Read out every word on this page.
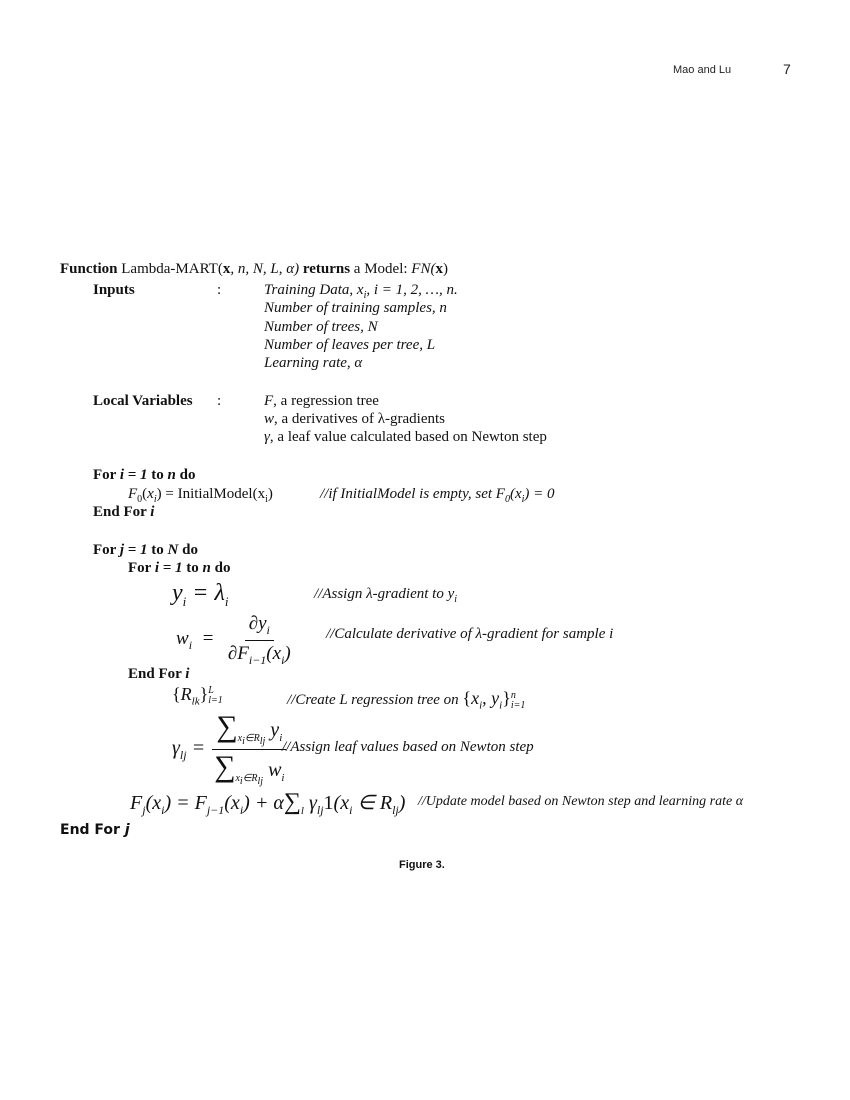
Mao and Lu	7
Function Lambda-MART(x, n, N, L, α) returns a Model: FN(x)
Inputs	:	Training Data, $x_i$, i = 1, 2, …, n.
Number of training samples, n
Number of trees, N
Number of leaves per tree, L
Learning rate, α
Local Variables :	F, a regression tree
w, a derivatives of λ-gradients
γ, a leaf value calculated based on Newton step
For i = 1 to n do
$F_0(x_i)$ = $InitialModel(x_i)$	//if InitialModel is empty, set $F_0(x_i) = 0$
End For i
For j = 1 to N do
For i = 1 to n do
$y_i = \lambda_i$	//Assign λ-gradient to $y_i$
$w_i = \frac{\partial y_i}{\partial F_{i-1}(x_i)}$ //Calculate derivative of λ-gradient for sample i
End For i
$\{R_{lk}\}$ L
l=1	//Create L regression tree on {$x_i$, $y_i$} n
i=1
$\gamma_{lj} = \frac{\sum_{x_i\in R_{lj}} y_i}{\sum_{x_i\in R_{lj}} w_i}$
//Assign leaf values based on Newton step
$F_j(x_i) = F_{j-1}(x_i) + \alpha\sum_l$ $\gamma_{lj}1(x_i$ ∈ $R_{lj}$) //Update model based on Newton step and learning rate α
End For j
Figure 3.
